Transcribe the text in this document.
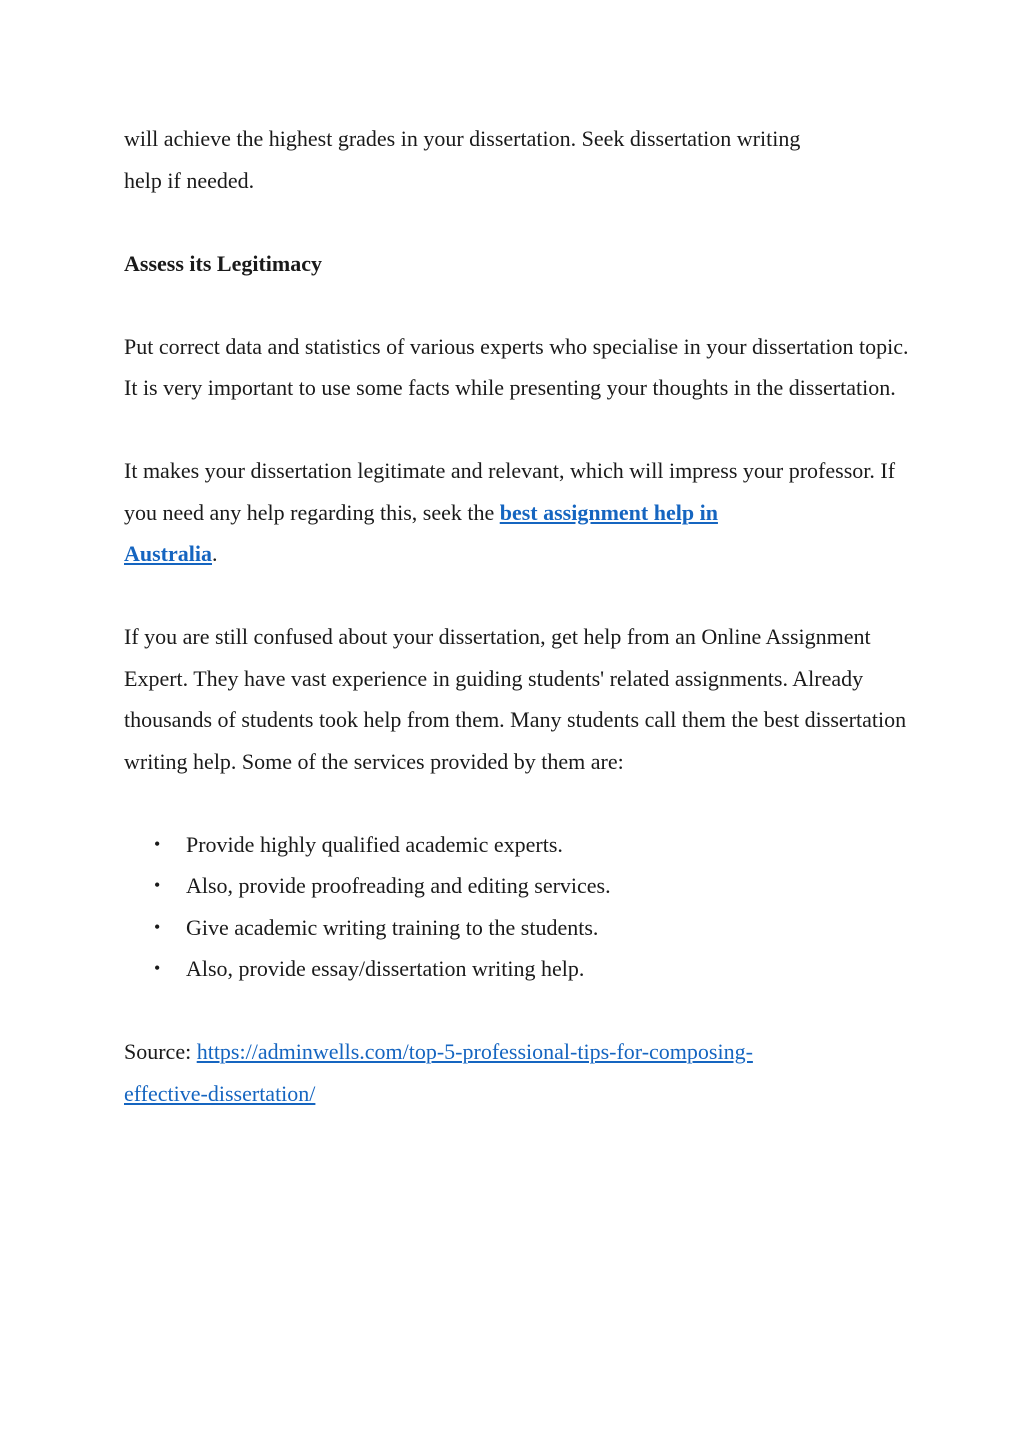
will achieve the highest grades in your dissertation. Seek dissertation writing
help if needed.

Assess its Legitimacy

Put correct data and statistics of various experts who specialise in your dissertation topic. It is very important to use some facts while presenting your thoughts in the dissertation.

It makes your dissertation legitimate and relevant, which will impress your professor. If you need any help regarding this, seek the best assignment help in
Australia.

If you are still confused about your dissertation, get help from an Online Assignment Expert. They have vast experience in guiding students' related assignments. Already thousands of students took help from them. Many students call them the best dissertation writing help. Some of the services provided by them are:

• Provide highly qualified academic experts.
• Also, provide proofreading and editing services.
• Give academic writing training to the students.
• Also, provide essay/dissertation writing help.

Source: https://adminwells.com/top-5-professional-tips-for-composing-
effective-dissertation/
